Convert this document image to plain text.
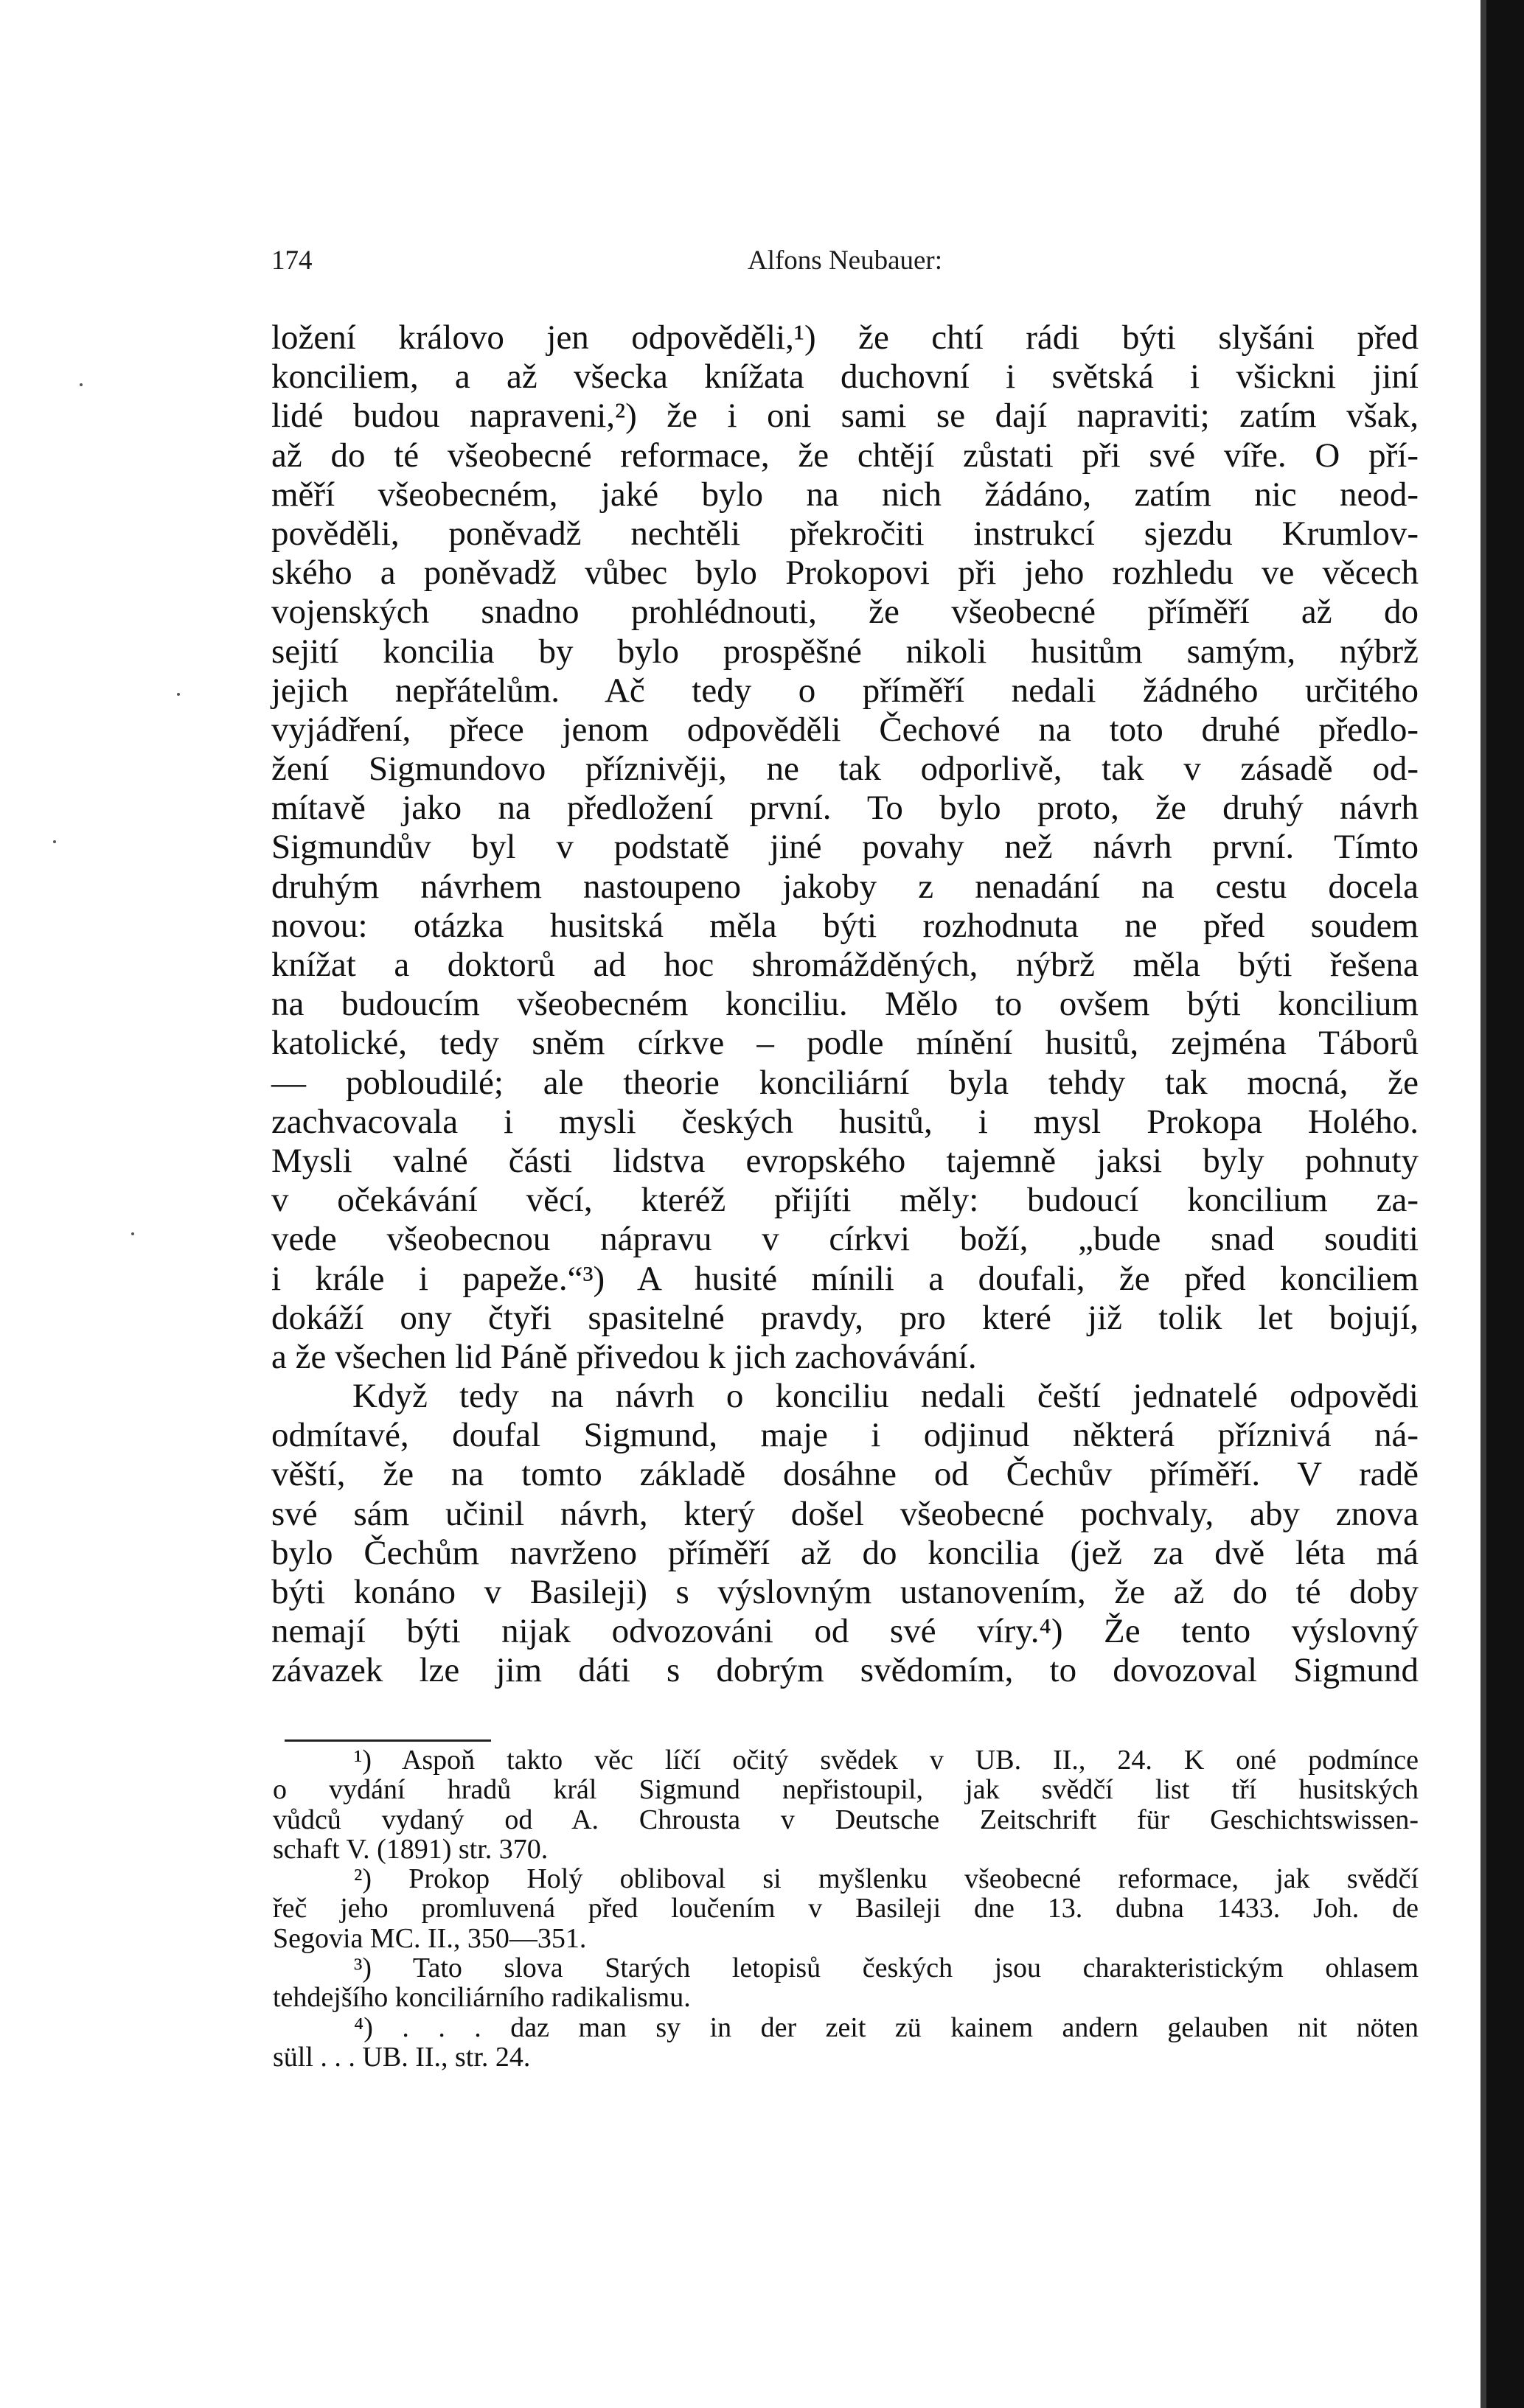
174	Alfons Neubauer:
ložení královo jen odpověděli,¹) že chtí rádi býti slyšáni před
konciliem, a až všecka knížata duchovní i světská i všickni jiní
lidé budou napraveni,²) že i oni sami se dají napraviti; zatím však,
až do té všeobecné reformace, že chtějí zůstati při své víře. O pří-
měří všeobecném, jaké bylo na nich žádáno, zatím nic neod-
pověděli, poněvadž nechtěli překročiti instrukcí sjezdu Krumlov-
ského a poněvadž vůbec bylo Prokopovi při jeho rozhledu ve věcech
vojenských snadno prohlédnouti, že všeobecné příměří až do
sejití koncilia by bylo prospěšné nikoli husitům samým, nýbrž
jejich nepřátelům. Ač tedy o příměří nedali žádného určitého
vyjádření, přece jenom odpověděli Čechové na toto druhé předlo-
žení Sigmundovo příznivěji, ne tak odporlivě, tak v zásadě od-
mítavě jako na předložení první. To bylo proto, že druhý návrh
Sigmundův byl v podstatě jiné povahy než návrh první. Tímto
druhým návrhem nastoupeno jakoby z nenadání na cestu docela
novou: otázka husitská měla býti rozhodnuta ne před soudem
knížat a doktorů ad hoc shromážděných, nýbrž měla býti řešena
na budoucím všeobecném konciliu. Mělo to ovšem býti koncilium
katolické, tedy sněm církve – podle mínění husitů, zejména Táborů
— pobloudilé; ale theorie konciliární byla tehdy tak mocná, že
zachvacovala i mysli českých husitů, i mysl Prokopa Holého.
Mysli valné části lidstva evropského tajemně jaksi byly pohnuty
v očekávání věcí, kteréž přijíti měly: budoucí koncilium za-
vede všeobecnou nápravu v církvi boží, „bude snad souditi
i krále i papeže.“³) A husité mínili a doufali, že před konciliem
dokáží ony čtyři spasitelné pravdy, pro které již tolik let bojují,
a že všechen lid Páně přivedou k jich zachovávání.
Když tedy na návrh o konciliu nedali čeští jednatelé odpovědi
odmítavé, doufal Sigmund, maje i odjinud některá příznivá ná-
věští, že na tomto základě dosáhne od Čechův příměří. V radě
své sám učinil návrh, který došel všeobecné pochvaly, aby znova
bylo Čechům navrženo příměří až do koncilia (jež za dvě léta má
býti konáno v Basileji) s výslovným ustanovením, že až do té doby
nemají býti nijak odvozováni od své víry.⁴) Že tento výslovný
závazek lze jim dáti s dobrým svědomím, to dovozoval Sigmund
¹) Aspoň takto věc líčí očitý svědek v UB. II., 24. K oné podmínce
o vydání hradů král Sigmund nepřistoupil, jak svědčí list tří husitských
vůdců vydaný od A. Chrousta v Deutsche Zeitschrift für Geschichtswissen-
schaft V. (1891) str. 370.
²) Prokop Holý obliboval si myšlenku všeobecné reformace, jak svědčí
řeč jeho promluvená před loučením v Basileji dne 13. dubna 1433. Joh. de
Segovia MC. II., 350—351.
³) Tato slova Starých letopisů českých jsou charakteristickým ohlasem
tehdejšího konciliárního radikalismu.
⁴) . . . daz man sy in der zeit zü kainem andern gelauben nit nöten
süll . . . UB. II., str. 24.
